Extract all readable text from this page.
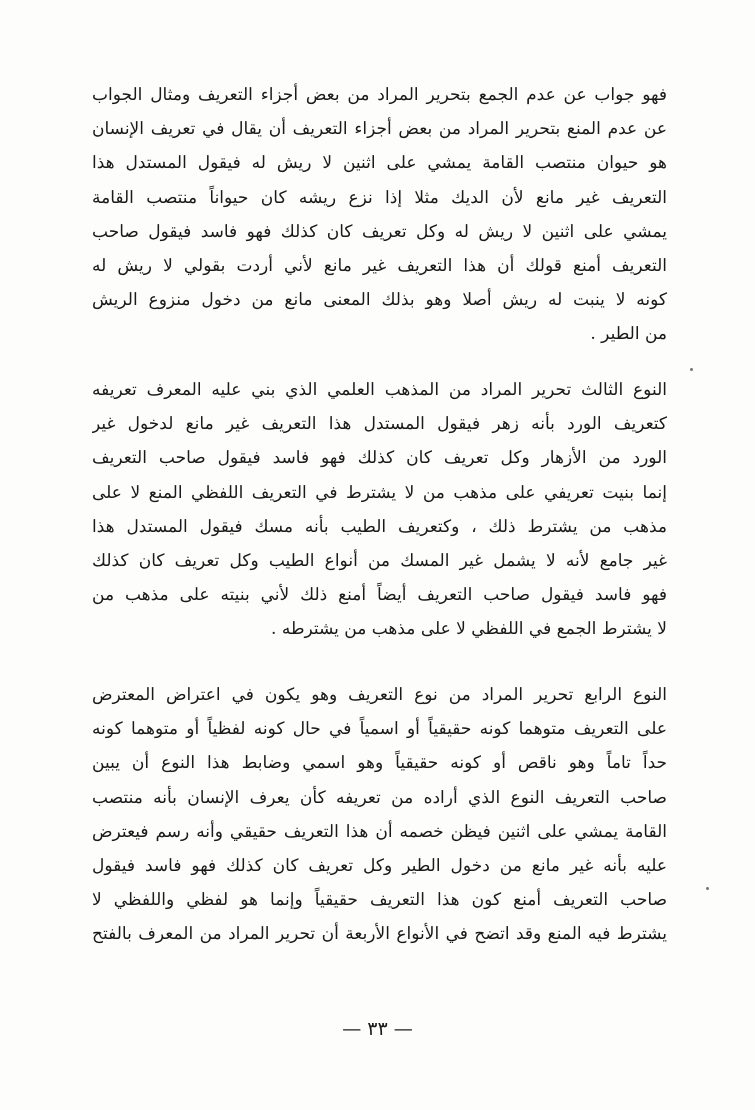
فهو جواب عن عدم الجمع بتحرير المراد من بعض أجزاء التعريف ومثال الجواب
عن عدم المنع بتحرير المراد من بعض أجزاء التعريف أن يقال في تعريف الإنسان
هو حيوان منتصب القامة يمشي على اثنين لا ريش له فيقول المستدل هذا
التعريف غير مانع لأن الديك مثلا إذا نزع ريشه كان حيواناً منتصب القامة
يمشي على اثنين لا ريش له وكل تعريف كان كذلك فهو فاسد فيقول صاحب
التعريف أمنع قولك أن هذا التعريف غير مانع لأني أردت بقولي لا ريش له
كونه لا ينبت له ريش أصلا وهو بذلك المعنى مانع من دخول منزوع الريش
من الطير .

النوع الثالث تحرير المراد من المذهب العلمي الذي بني عليه المعرف تعريفه
كتعريف الورد بأنه زهر فيقول المستدل هذا التعريف غير مانع لدخول غير
الورد من الأزهار وكل تعريف كان كذلك فهو فاسد فيقول صاحب التعريف
إنما بنيت تعريفي على مذهب من لا يشترط في التعريف اللفظي المنع لا على
مذهب من يشترط ذلك ، وكتعريف الطيب بأنه مسك فيقول المستدل هذا
غير جامع لأنه لا يشمل غير المسك من أنواع الطيب وكل تعريف كان كذلك
فهو فاسد فيقول صاحب التعريف أيضاً أمنع ذلك لأني بنيته على مذهب من
لا يشترط الجمع في اللفظي لا على مذهب من يشترطه .

النوع الرابع تحرير المراد من نوع التعريف وهو يكون في اعتراض المعترض
على التعريف متوهما كونه حقيقياً أو اسمياً في حال كونه لفظياً أو متوهما كونه
حداً تاماً وهو ناقص أو كونه حقيقياً وهو اسمي وضابط هذا النوع أن يبين
صاحب التعريف النوع الذي أراده من تعريفه كأن يعرف الإنسان بأنه منتصب
القامة يمشي على اثنين فيظن خصمه أن هذا التعريف حقيقي وأنه رسم فيعترض
عليه بأنه غير مانع من دخول الطير وكل تعريف كان كذلك فهو فاسد فيقول
صاحب التعريف أمنع كون هذا التعريف حقيقياً وإنما هو لفظي واللفظي لا
يشترط فيه المنع وقد اتضح في الأنواع الأربعة أن تحرير المراد من المعرف بالفتح

— ٣٣ —
